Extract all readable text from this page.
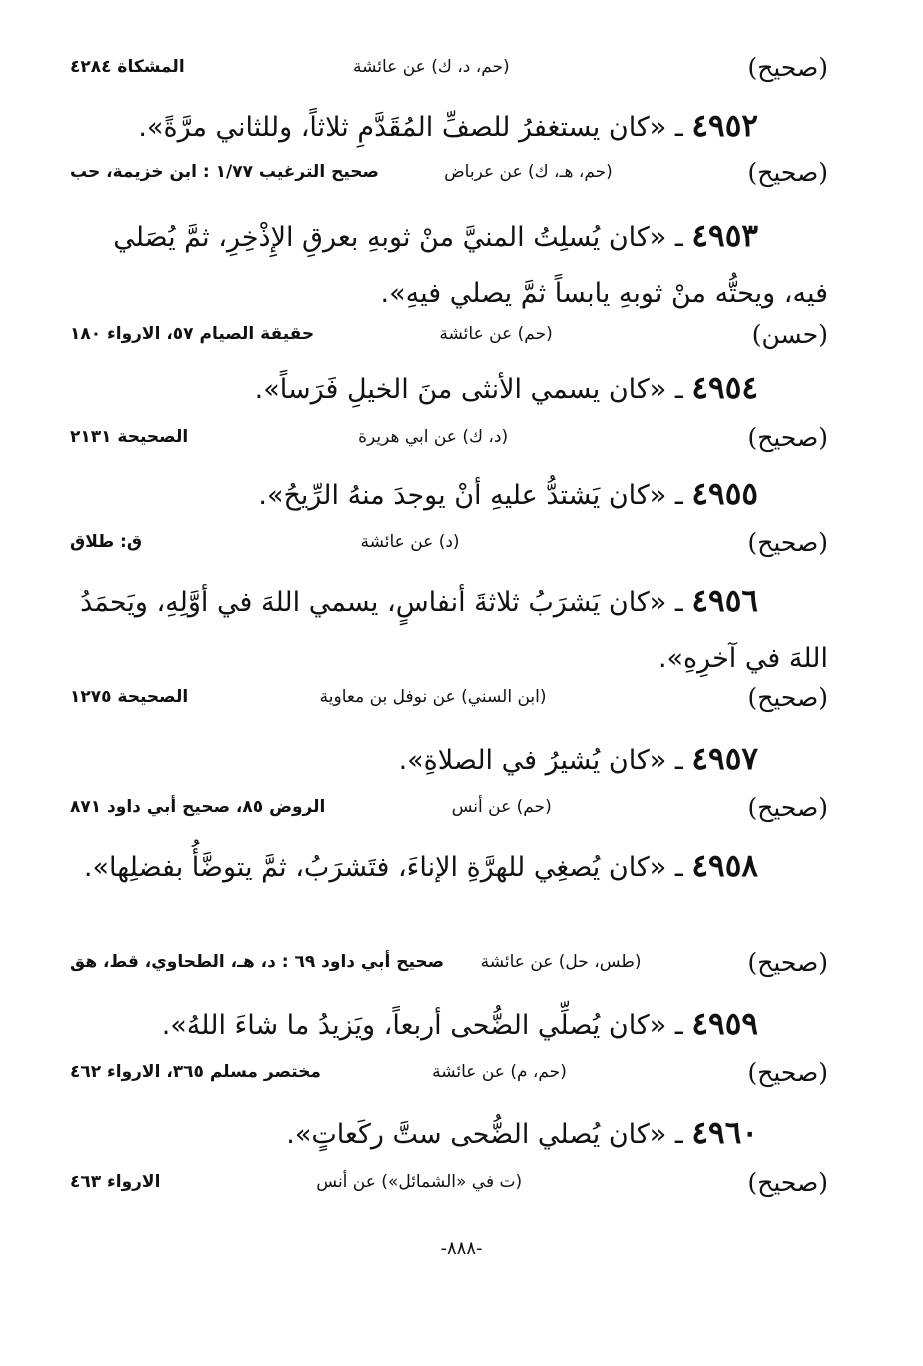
(صحيح)
(حم، د، ك) عن عائشة
المشكاة ٤٢٨٤
٤٩٥٢ ـ «كان يستغفرُ للصفِّ المُقَدَّمِ ثلاثاً، وللثاني مرَّةً».
(صحيح)
(حم، هـ، ك) عن عرباض
صحيح الترغيب ١/٧٧ : ابن خزيمة، حب
٤٩٥٣ ـ «كان يُسلِتُ المنيَّ منْ ثوبهِ بعرقِ الإِذْخِرِ، ثمَّ يُصَلي فيه، ويحتُّه منْ ثوبهِ يابساً ثمَّ يصلي فيهِ».
(حسن)
(حم) عن عائشة
حقيقة الصيام ٥٧، الارواء ١٨٠
٤٩٥٤ ـ «كان يسمي الأنثى منَ الخيلِ فَرَساً».
(صحيح)
(د، ك) عن ابي هريرة
الصحيحة ٢١٣١
٤٩٥٥ ـ «كان يَشتدُّ عليهِ أنْ يوجدَ منهُ الرِّيحُ».
(صحيح)
(د) عن عائشة
ق: طلاق
٤٩٥٦ ـ «كان يَشرَبُ ثلاثةَ أنفاسٍ، يسمي اللهَ في أوَّلِهِ، ويَحمَدُ اللهَ في آخرِهِ».
(صحيح)
(ابن السني) عن نوفل بن معاوية
الصحيحة ١٢٧٥
٤٩٥٧ ـ «كان يُشيرُ في الصلاةِ».
(صحيح)
(حم) عن أنس
الروض ٨٥، صحيح أبي داود ٨٧١
٤٩٥٨ ـ «كان يُصغِي للهرَّةِ الإناءَ، فتَشرَبُ، ثمَّ يتوضَّأُ بفضلِها».
(صحيح)
(طس، حل) عن عائشة
صحيح أبي داود ٦٩ : د، هـ، الطحاوي، قط، هق
٤٩٥٩ ـ «كان يُصلِّي الضُّحى أربعاً، ويَزيدُ ما شاءَ اللهُ».
(صحيح)
(حم، م) عن عائشة
مختصر مسلم ٣٦٥، الارواء ٤٦٢
٤٩٦٠ ـ «كان يُصلي الضُّحى ستَّ ركَعاتٍ».
(صحيح)
(ت في «الشمائل») عن أنس
الارواء ٤٦٣
-٨٨٨-
